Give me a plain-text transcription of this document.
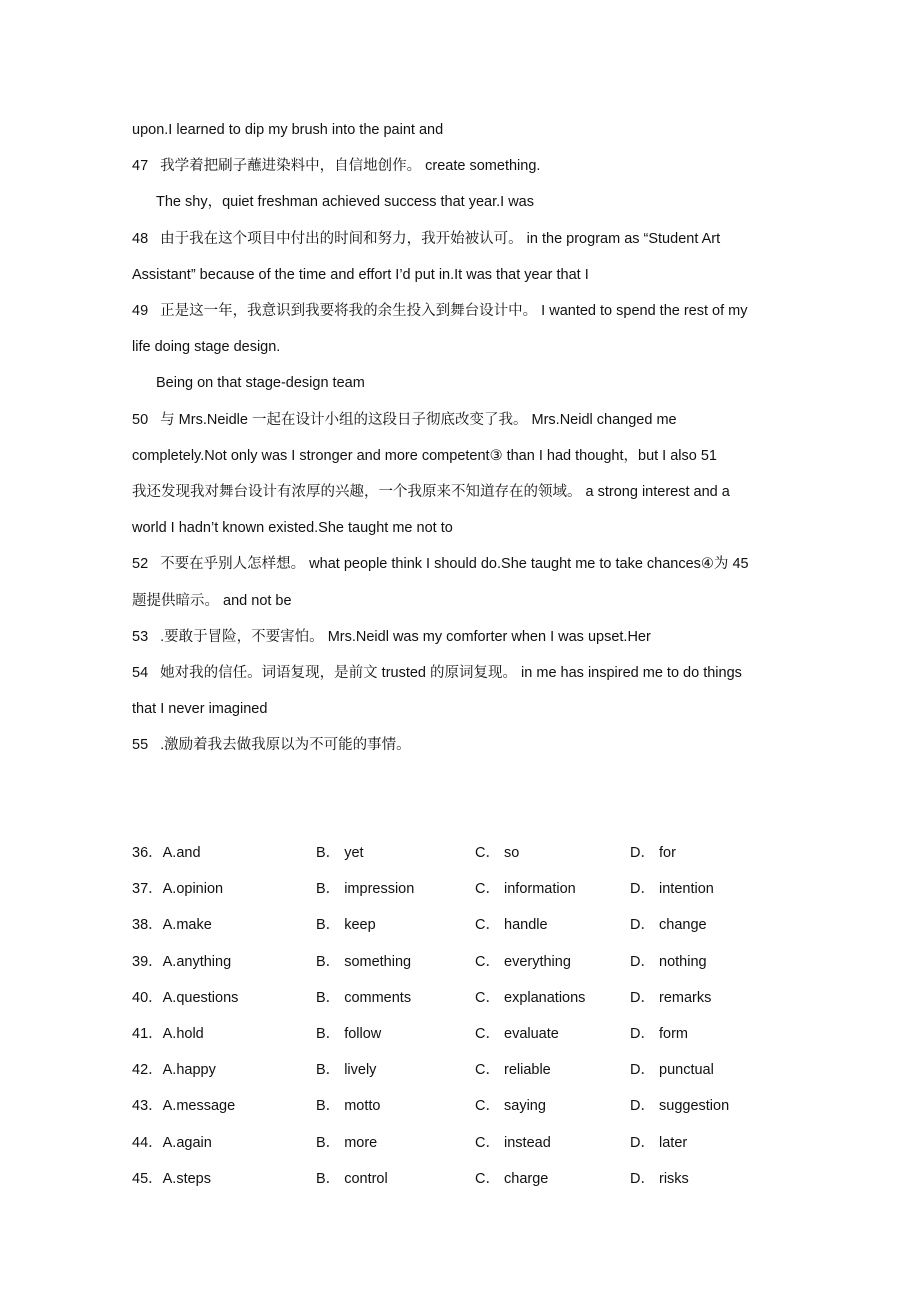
upon.I learned to dip my brush into the paint and
47 我学着把刷子蘸进染料中，自信地创作。 create something.
The shy，quiet freshman achieved success that year.I was
48 由于我在这个项目中付出的时间和努力，我开始被认可。 in the program as “Student Art
Assistant” because of the time and effort I’d put in.It was that year that I
49 正是这一年，我意识到我要将我的余生投入到舞台设计中。 I wanted to spend the rest of my
life doing stage design.
Being on that stage-design team
50 与 Mrs.Neidle 一起在设计小组的这段日子彻底改变了我。 Mrs.Neidl changed me
completely.Not only was I stronger and more competent③ than I had thought，but I also 51
我还发现我对舞台设计有浓厚的兴趣，一个我原来不知道存在的领域。 a strong interest and a
world I hadn’t known existed.She taught me not to
52 不要在乎别人怎样想。 what people think I should do.She taught me to take chances④为 45
题提供暗示。 and not be
53 .要敢于冒险，不要害怕。 Mrs.Neidl was my comforter when I was upset.Her
54 她对我的信任。词语复现，是前文 trusted 的原词复现。 in me has inspired me to do things
that I never imagined
55 .激励着我去做我原以为不可能的事情。
36．A.and	B． yet	C． so	D． for
37．A.opinion	B． impression	C． information	D． intention
38．A.make	B． keep	C． handle	D． change
39．A.anything	B． something	C． everything	D． nothing
40．A.questions	B． comments	C． explanations	D． remarks
41．A.hold	B． follow	C． evaluate	D． form
42．A.happy	B． lively	C． reliable	D． punctual
43．A.message	B． motto	C． saying	D． suggestion
44．A.again	B． more	C． instead	D． later
45．A.steps	B． control	C． charge	D． risks
